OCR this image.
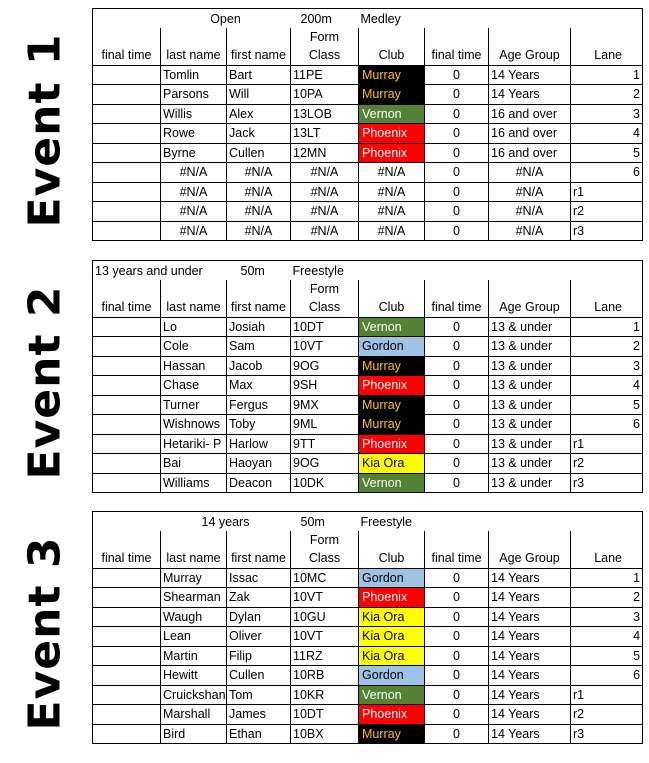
Event 1
	Open		200m	Medley			
			Form				
final time	last name	first name	Class	Club	final time	Age Group	Lane
	Tomlin	Bart	11PE	Murray	0	14 Years	1
	Parsons	Will	10PA	Murray	0	14 Years	2
	Willis	Alex	13LOB	Vernon	0	16 and over	3
	Rowe	Jack	13LT	Phoenix	0	16 and over	4
	Byrne	Cullen	12MN	Phoenix	0	16 and over	5
	#N/A	#N/A	#N/A	#N/A	0	#N/A	6
	#N/A	#N/A	#N/A	#N/A	0	#N/A	r1
	#N/A	#N/A	#N/A	#N/A	0	#N/A	r2
	#N/A	#N/A	#N/A	#N/A	0	#N/A	r3
Event 2
13 years and under		50m	Freestyle				
			Form				
final time	last name	first name	Class	Club	final time	Age Group	Lane
	Lo	Josiah	10DT	Vernon	0	13 & under	1
	Cole	Sam	10VT	Gordon	0	13 & under	2
	Hassan	Jacob	9OG	Murray	0	13 & under	3
	Chase	Max	9SH	Phoenix	0	13 & under	4
	Turner	Fergus	9MX	Murray	0	13 & under	5
	Wishnows	Toby	9ML	Murray	0	13 & under	6
	Hetariki- P	Harlow	9TT	Phoenix	0	13 & under	r1
	Bai	Haoyan	9OG	Kia Ora	0	13 & under	r2
	Williams	Deacon	10DK	Vernon	0	13 & under	r3
Event 3
	14 years		50m	Freestyle			
			Form				
final time	last name	first name	Class	Club	final time	Age Group	Lane
	Murray	Issac	10MC	Gordon	0	14 Years	1
	Shearman	Zak	10VT	Phoenix	0	14 Years	2
	Waugh	Dylan	10GU	Kia Ora	0	14 Years	3
	Lean	Oliver	10VT	Kia Ora	0	14 Years	4
	Martin	Filip	11RZ	Kia Ora	0	14 Years	5
	Hewitt	Cullen	10RB	Gordon	0	14 Years	6
	Cruickshan	Tom	10KR	Vernon	0	14 Years	r1
	Marshall	James	10DT	Phoenix	0	14 Years	r2
	Bird	Ethan	10BX	Murray	0	14 Years	r3
